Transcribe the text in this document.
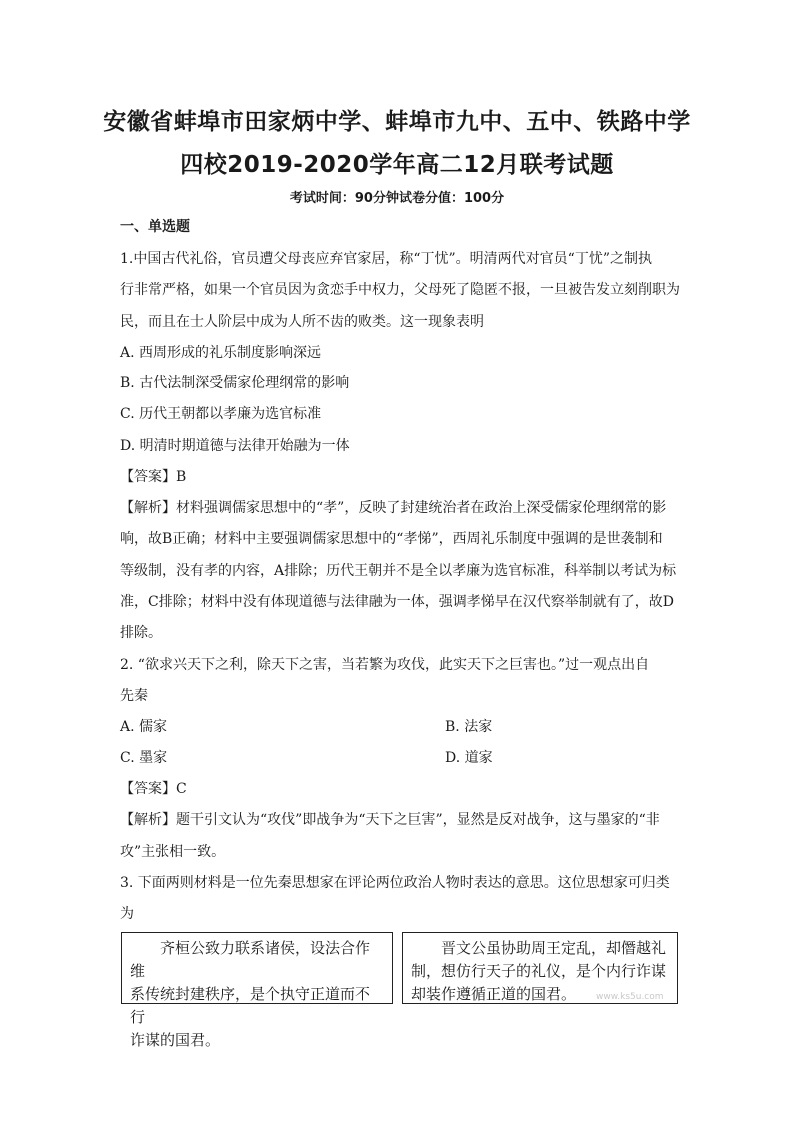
安徽省蚌埠市田家炳中学、蚌埠市九中、五中、铁路中学
四校2019-2020学年高二12月联考试题
考试时间：90分钟试卷分值：100分
一、单选题
1.中国古代礼俗，官员遭父母丧应弃官家居，称“丁忧”。明清两代对官员“丁忧”之制执
行非常严格，如果一个官员因为贪恋手中权力，父母死了隐匿不报，一旦被告发立刻削职为
民，而且在士人阶层中成为人所不齿的败类。这一现象表明
A. 西周形成的礼乐制度影响深远
B. 古代法制深受儒家伦理纲常的影响
C. 历代王朝都以孝廉为选官标准
D. 明清时期道德与法律开始融为一体
【答案】B
【解析】材料强调儒家思想中的“孝”，反映了封建统治者在政治上深受儒家伦理纲常的影
响，故B正确；材料中主要强调儒家思想中的“孝悌”，西周礼乐制度中强调的是世袭制和
等级制，没有孝的内容，A排除；历代王朝并不是全以孝廉为选官标准，科举制以考试为标
准，C排除；材料中没有体现道德与法律融为一体，强调孝悌早在汉代察举制就有了，故D
排除。
2. “欲求兴天下之利，除天下之害，当若繁为攻伐，此实天下之巨害也。”过一观点出自
先秦
A. 儒家	B. 法家
C. 墨家	D. 道家
【答案】C
【解析】题干引文认为“攻伐”即战争为“天下之巨害”，显然是反对战争，这与墨家的“非
攻”主张相一致。
3. 下面两则材料是一位先秦思想家在评论两位政治人物时表达的意思。这位思想家可归类
为

齐桓公致力联系诸侯，设法合作维

系传统封建秩序，是个执守正道而不行

诈谋的国君。

晋文公虽协助周王定乱，却僭越礼

制，想仿行天子的礼仪，是个内行诈谋

却装作遵循正道的国君。	www.ks5u.com
